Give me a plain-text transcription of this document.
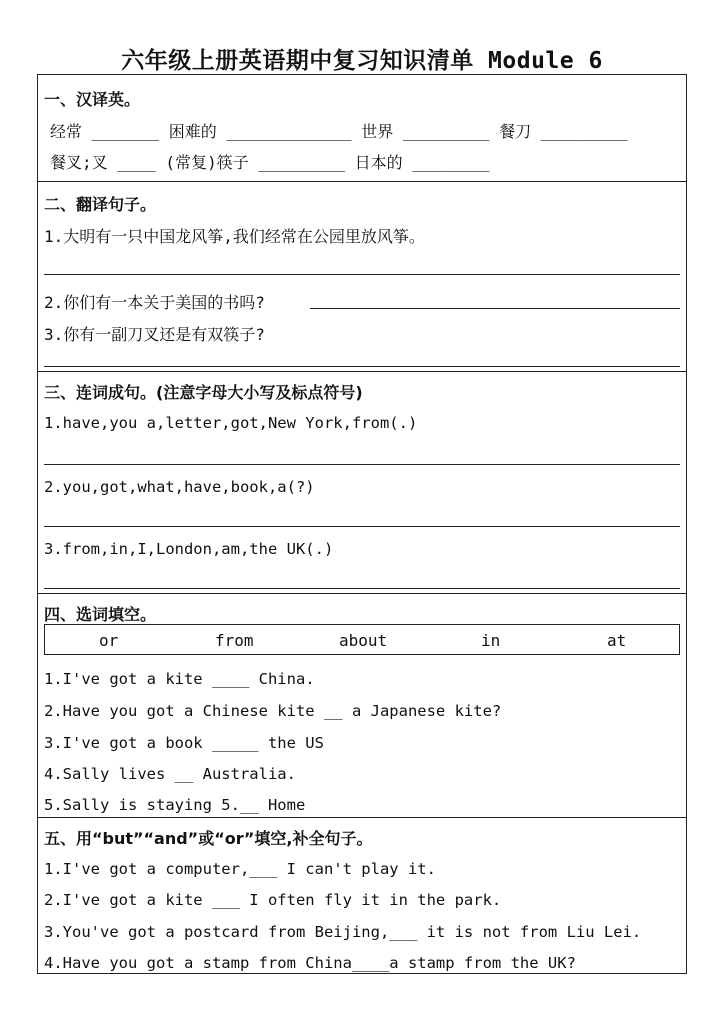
六年级上册英语期中复习知识清单 Module 6
一、汉译英。
经常 _______ 困难的 _____________ 世界 _________ 餐刀 _________
餐叉;叉 ____ (常复)筷子 _________ 日本的 ________
二、翻译句子。
1.大明有一只中国龙风筝,我们经常在公园里放风筝。
2.你们有一本关于美国的书吗?
3.你有一副刀叉还是有双筷子?
三、连词成句。(注意字母大小写及标点符号)
1.have,you a,letter,got,New York,from(.)
2.you,got,what,have,book,a(?)
3.from,in,I,London,am,the UK(.)
四、选词填空。
or	from	about	in	at
1.I've got a kite ____ China.
2.Have you got a Chinese kite __ a Japanese kite?
3.I've got a book _____ the US
4.Sally lives __ Australia.
5.Sally is staying 5.__ Home
五、用“but”“and”或“or”填空,补全句子。
1.I've got a computer,___ I can't play it.
2.I've got a kite ___ I often fly it in the park.
3.You've got a postcard from Beijing,___ it is not from Liu Lei.
4.Have you got a stamp from China____a stamp from the UK?
